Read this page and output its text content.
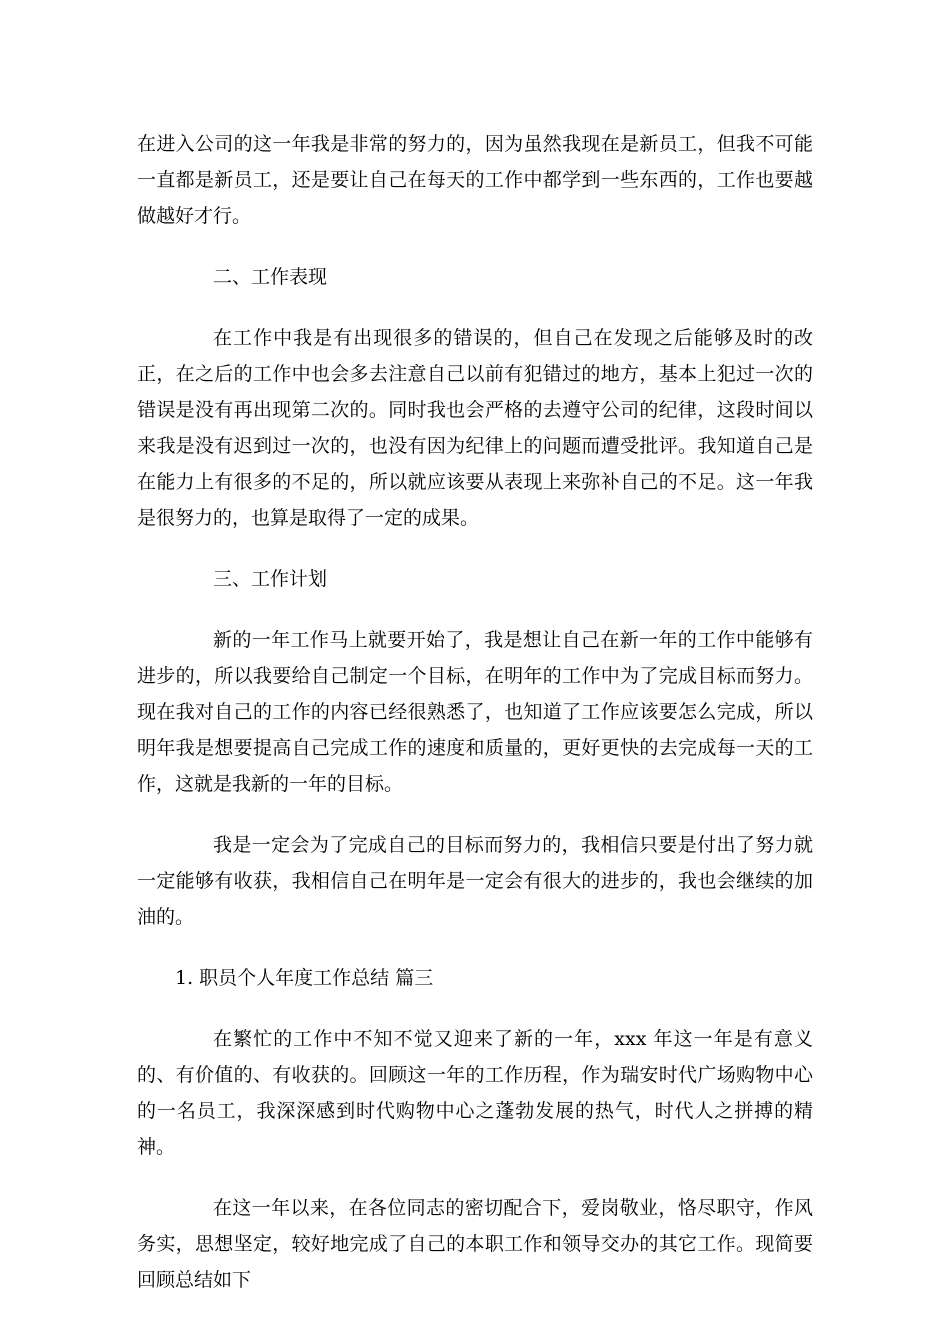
在进入公司的这一年我是非常的努力的，因为虽然我现在是新员工，但我不可能一直都是新员工，还是要让自己在每天的工作中都学到一些东西的，工作也要越做越好才行。

二、工作表现

在工作中我是有出现很多的错误的，但自己在发现之后能够及时的改正，在之后的工作中也会多去注意自己以前有犯错过的地方，基本上犯过一次的错误是没有再出现第二次的。同时我也会严格的去遵守公司的纪律，这段时间以来我是没有迟到过一次的，也没有因为纪律上的问题而遭受批评。我知道自己是在能力上有很多的不足的，所以就应该要从表现上来弥补自己的不足。这一年我是很努力的，也算是取得了一定的成果。

三、工作计划

新的一年工作马上就要开始了，我是想让自己在新一年的工作中能够有进步的，所以我要给自己制定一个目标，在明年的工作中为了完成目标而努力。现在我对自己的工作的内容已经很熟悉了，也知道了工作应该要怎么完成，所以明年我是想要提高自己完成工作的速度和质量的，更好更快的去完成每一天的工作，这就是我新的一年的目标。

我是一定会为了完成自己的目标而努力的，我相信只要是付出了努力就一定能够有收获，我相信自己在明年是一定会有很大的进步的，我也会继续的加油的。

1. 职员个人年度工作总结 篇三

在繁忙的工作中不知不觉又迎来了新的一年，xxx 年这一年是有意义的、有价值的、有收获的。回顾这一年的工作历程，作为瑞安时代广场购物中心的一名员工，我深深感到时代购物中心之蓬勃发展的热气，时代人之拼搏的精神。

在这一年以来，在各位同志的密切配合下，爱岗敬业，恪尽职守，作风务实，思想坚定，较好地完成了自己的本职工作和领导交办的其它工作。现简要回顾总结如下
